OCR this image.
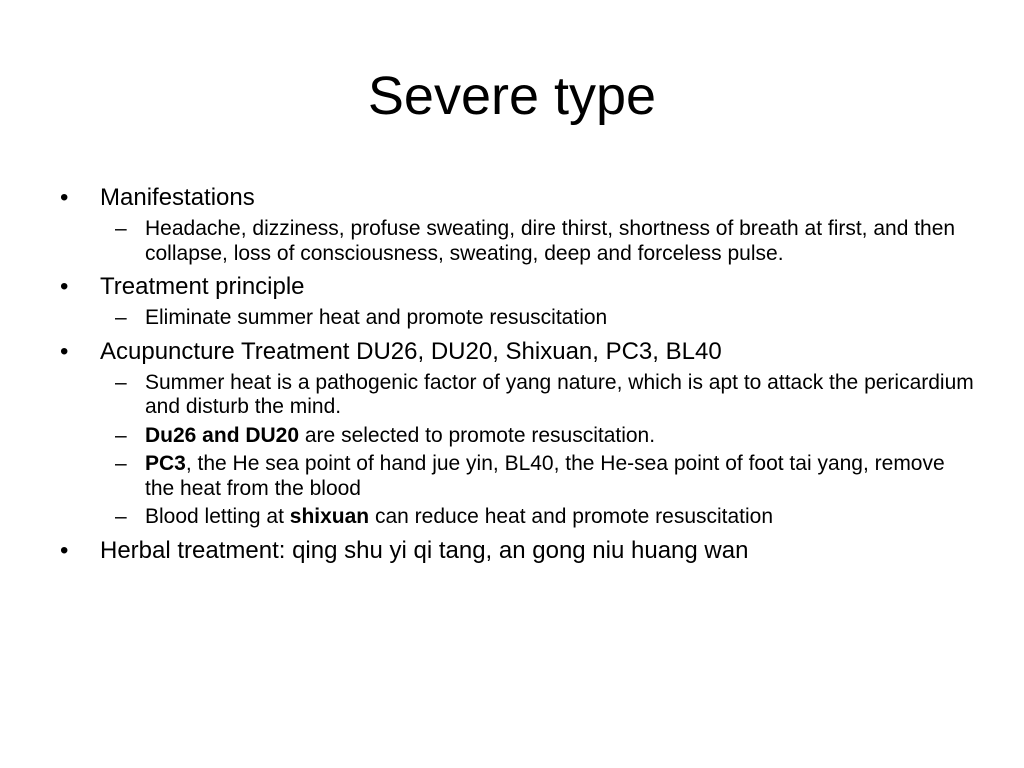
Severe type
• Manifestations
– Headache, dizziness, profuse sweating, dire thirst, shortness of breath at first, and then collapse, loss of consciousness, sweating, deep and forceless pulse.
• Treatment principle
– Eliminate summer heat and promote resuscitation
• Acupuncture Treatment DU26, DU20, Shixuan, PC3, BL40
– Summer heat is a pathogenic factor of yang nature, which is apt to attack the pericardium and disturb the mind.
– Du26 and DU20 are selected to promote resuscitation.
– PC3, the He sea point of hand jue yin, BL40, the He-sea point of foot tai yang, remove the heat from the blood
– Blood letting at shixuan can reduce heat and promote resuscitation
• Herbal treatment: qing shu yi qi tang, an gong niu huang wan
